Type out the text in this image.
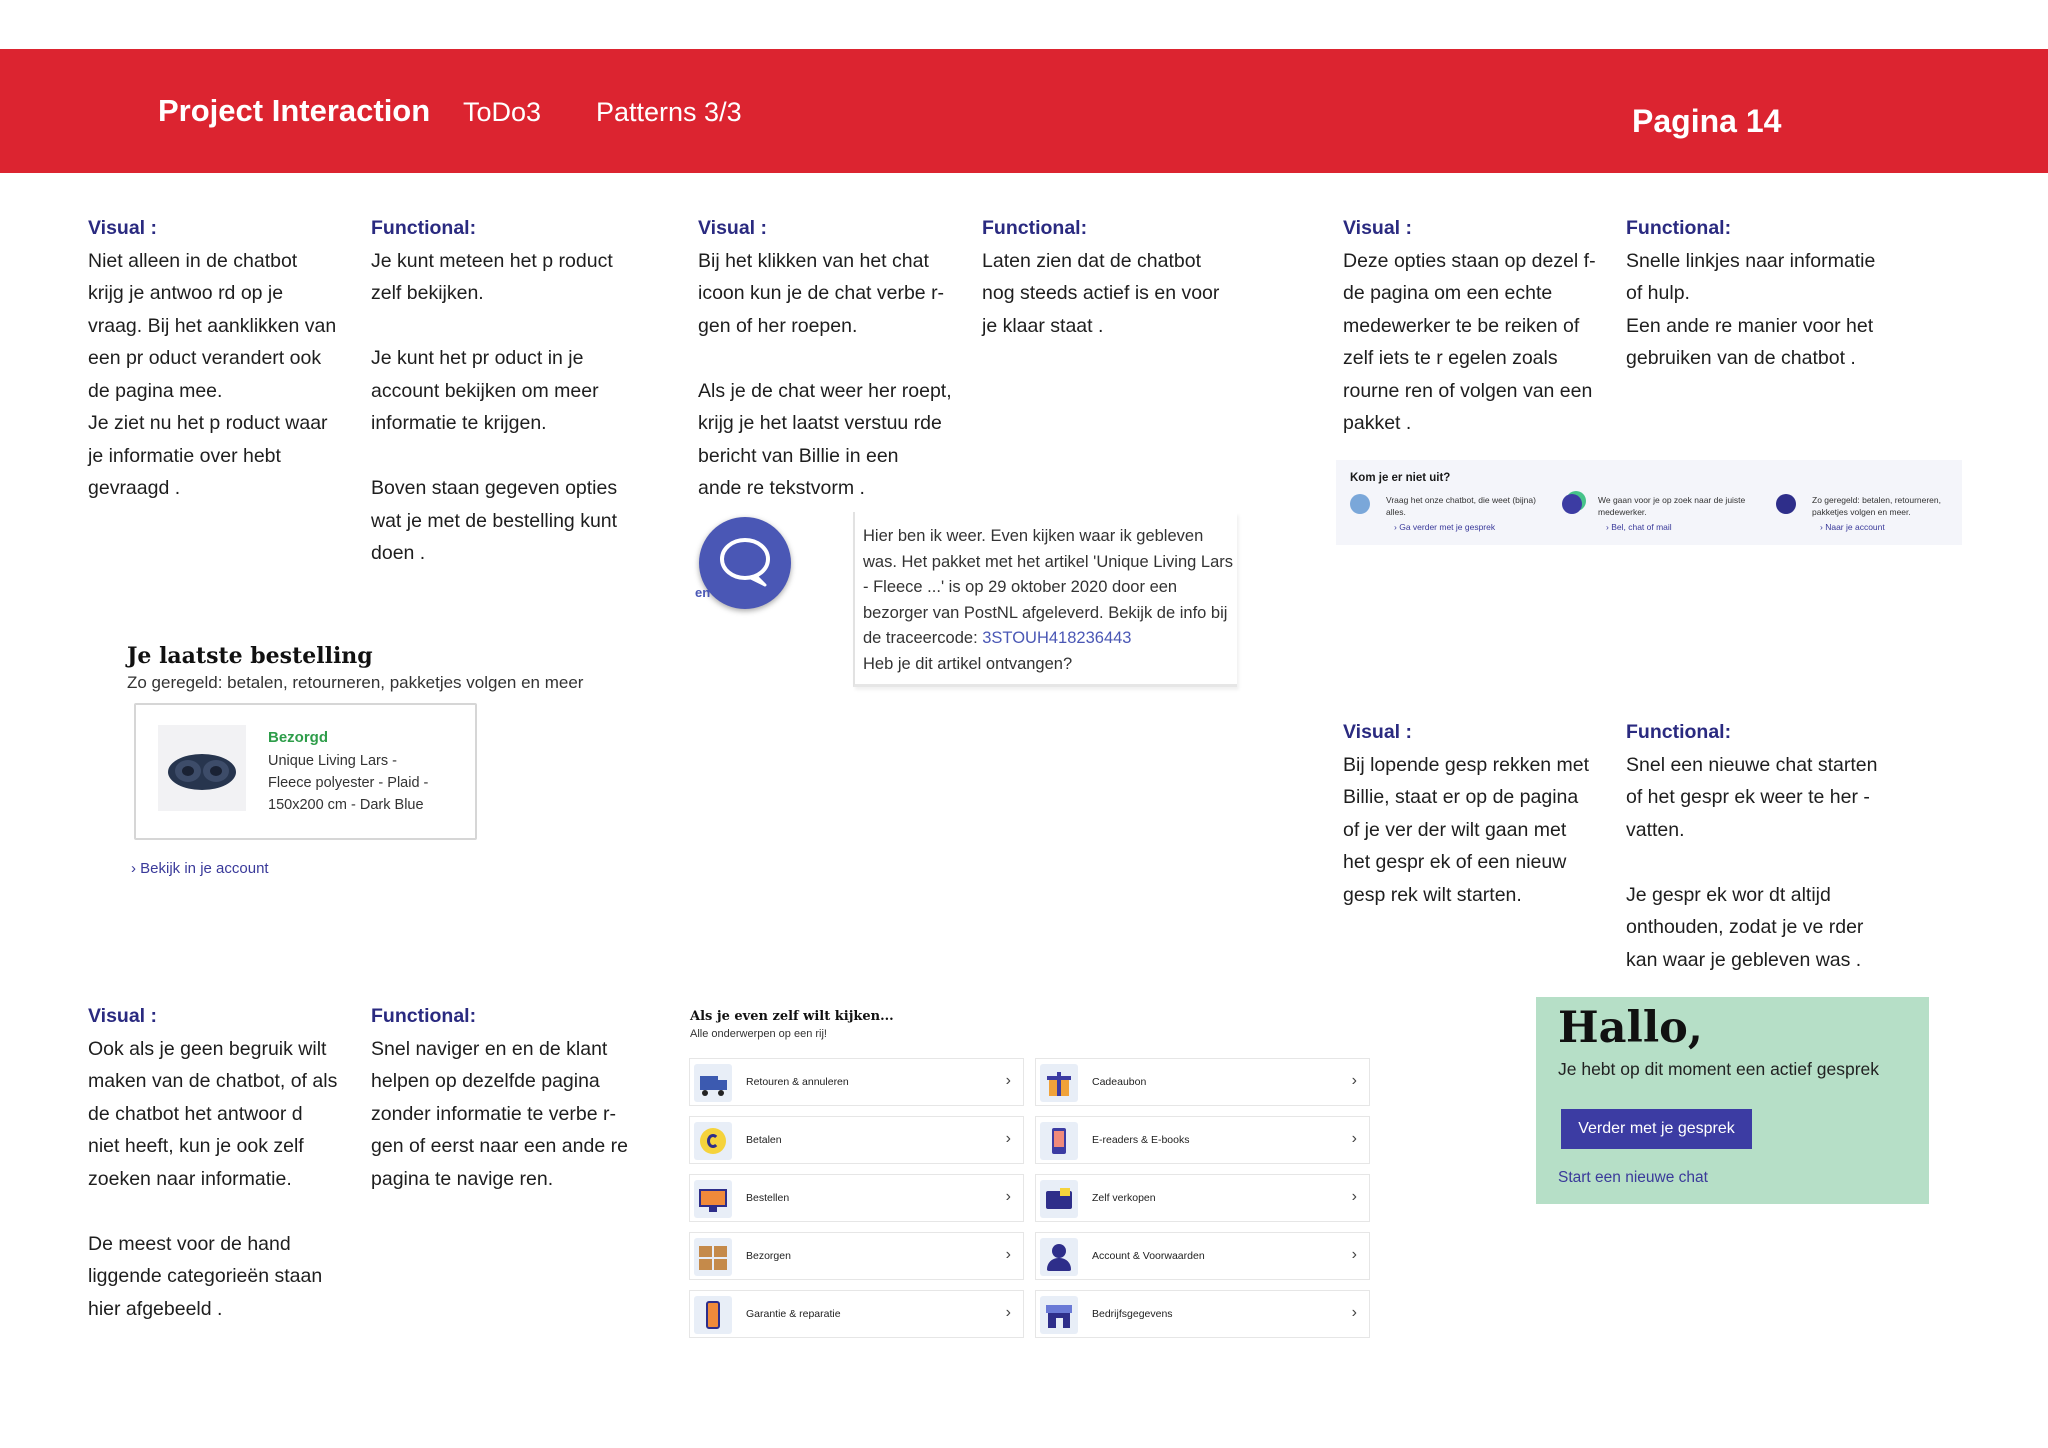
Project Interaction ToDo3 Patterns 3/3	Pagina 14
Visual :
Niet alleen in de chatbot
krijg je antwoo rd op je
vraag. Bij het aanklikken van
een pr oduct verandert ook
de pagina mee.
Je ziet nu het p roduct waar
je informatie over hebt
gevraagd .
Functional:
Je kunt meteen het p roduct
zelf bekijken.

Je kunt het pr oduct in je
account bekijken om meer
informatie te krijgen.

Boven staan gegeven opties
wat je met de bestelling kunt
doen .
Visual :
Bij het klikken van het chat
icoon kun je de chat verbe r-
gen of her roepen.

Als je de chat weer her roept,
krijg je het laatst verstuu rde
bericht van Billie in een
ande re tekstvorm .
Functional:
Laten zien dat de chatbot
nog steeds actief is en voor
je klaar staat .
Visual :
Deze opties staan op dezel f-
de pagina om een echte
medewerker te be reiken of
zelf iets te r egelen zoals
rourne ren of volgen van een
pakket .
Functional:
Snelle linkjes naar informatie
of hulp.
Een ande re manier voor het
gebruiken van de chatbot .
Visual :
Bij lopende gesp rekken met
Billie, staat er op de pagina
of je ver der wilt gaan met
het gespr ek of een nieuw
gesp rek wilt starten.
Functional:
Snel een nieuwe chat starten
of het gespr ek weer te her -
vatten.

Je gespr ek wor dt altijd
onthouden, zodat je ve rder
kan waar je gebleven was .
Visual :
Ook als je geen begruik wilt
maken van de chatbot, of als
de chatbot het antwoor d
niet heeft, kun je ook zelf
zoeken naar informatie.

De meest voor de hand
liggende categorieën staan
hier afgebeeld .
Functional:
Snel naviger en en de klant
helpen op dezelfde pagina
zonder informatie te verbe r-
gen of eerst naar een ande re
pagina te navige ren.
Je laatste bestelling
Zo geregeld: betalen, retourneren, pakketjes volgen en meer
Bezorgd
Unique Living Lars -
Fleece polyester - Plaid -
150x200 cm - Dark Blue
› Bekijk in je account
en
Hier ben ik weer. Even kijken waar ik gebleven was. Het pakket met het artikel 'Unique Living Lars - Fleece ...' is op 29 oktober 2020 door een bezorger van PostNL afgeleverd. Bekijk de info bij de traceercode: 3STOUH418236443
Heb je dit artikel ontvangen?
Kom je er niet uit?
Vraag het onze chatbot, die weet (bijna) alles.
› Ga verder met je gesprek
We gaan voor je op zoek naar de juiste medewerker.
› Bel, chat of mail
Zo geregeld: betalen, retourneren, pakketjes volgen en meer.
› Naar je account
Als je even zelf wilt kijken...
Alle onderwerpen op een rij!
Retouren & annuleren	›	Cadeaubon	›
Betalen	›	E-readers & E-books	›
Bestellen	›	Zelf verkopen	›
Bezorgen	›	Account & Voorwaarden	›
Garantie & reparatie	›	Bedrijfsgegevens	›
Hallo,
Je hebt op dit moment een actief gesprek
Verder met je gesprek
Start een nieuwe chat
